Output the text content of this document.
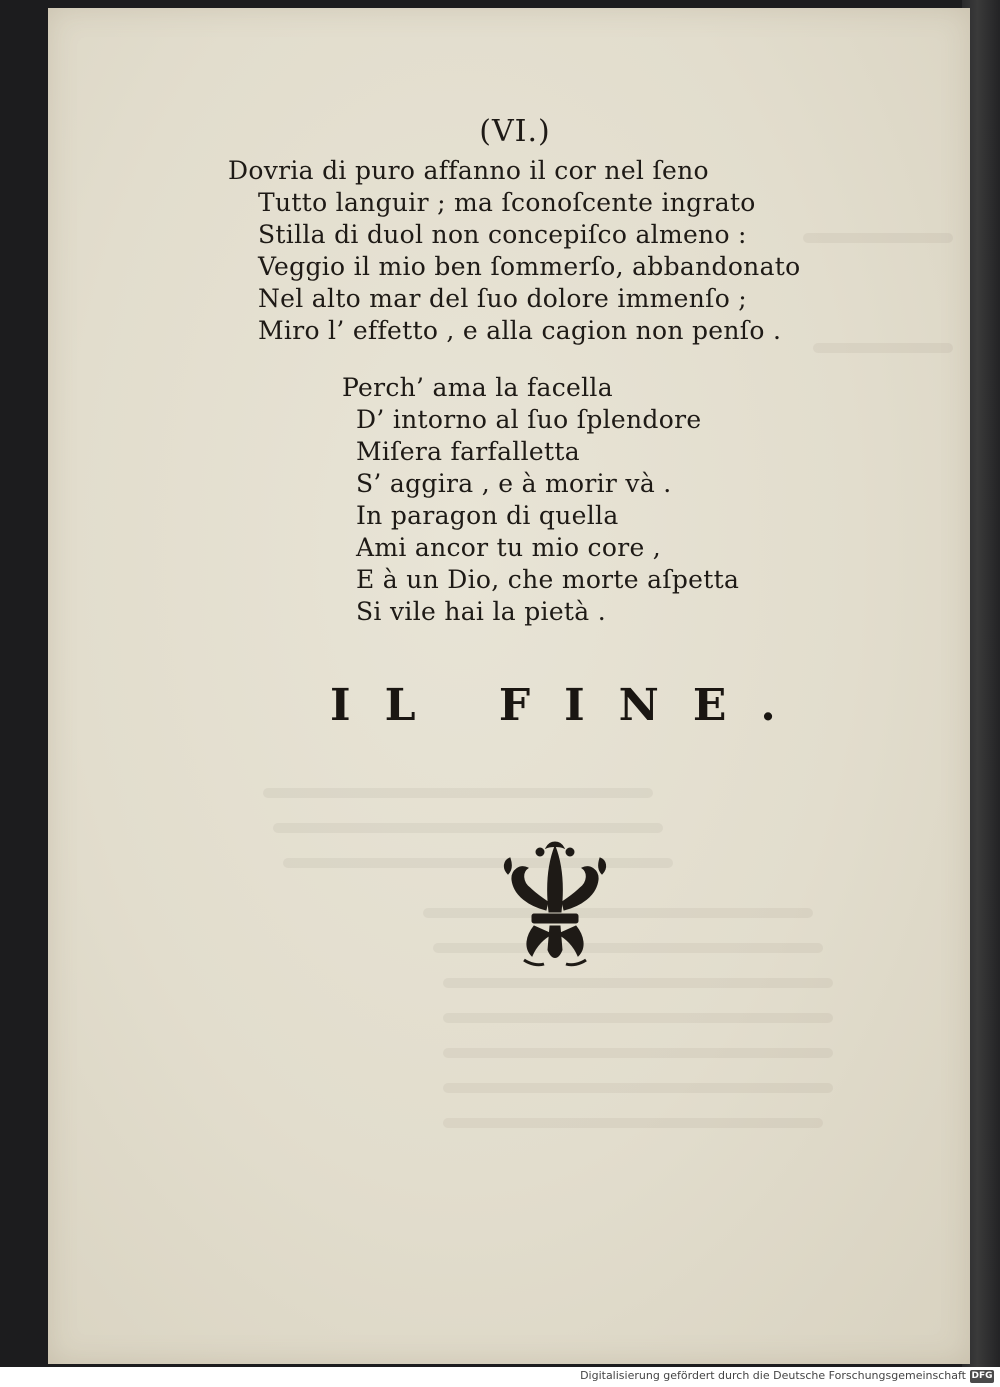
(VI.)
Dovria di puro affanno il cor nel ſeno
Tutto languir ; ma ſconoſcente ingrato
Stilla di duol non concepiſco almeno :
Veggio il mio ben ſommerſo, abbandonato
Nel alto mar del ſuo dolore immenſo ;
Miro l’ effetto , e alla cagion non penſo .
Perch’ ama la facella
D’ intorno al ſuo ſplendore
Miſera farfalletta
S’ aggira , e à morir và .
In paragon di quella
Ami ancor tu mio core ,
E à un Dio, che morte aſpetta
Si vile hai la pietà .
IL FINE.
Digitalisierung gefördert durch die Deutsche Forschungsgemeinschaft DFG
